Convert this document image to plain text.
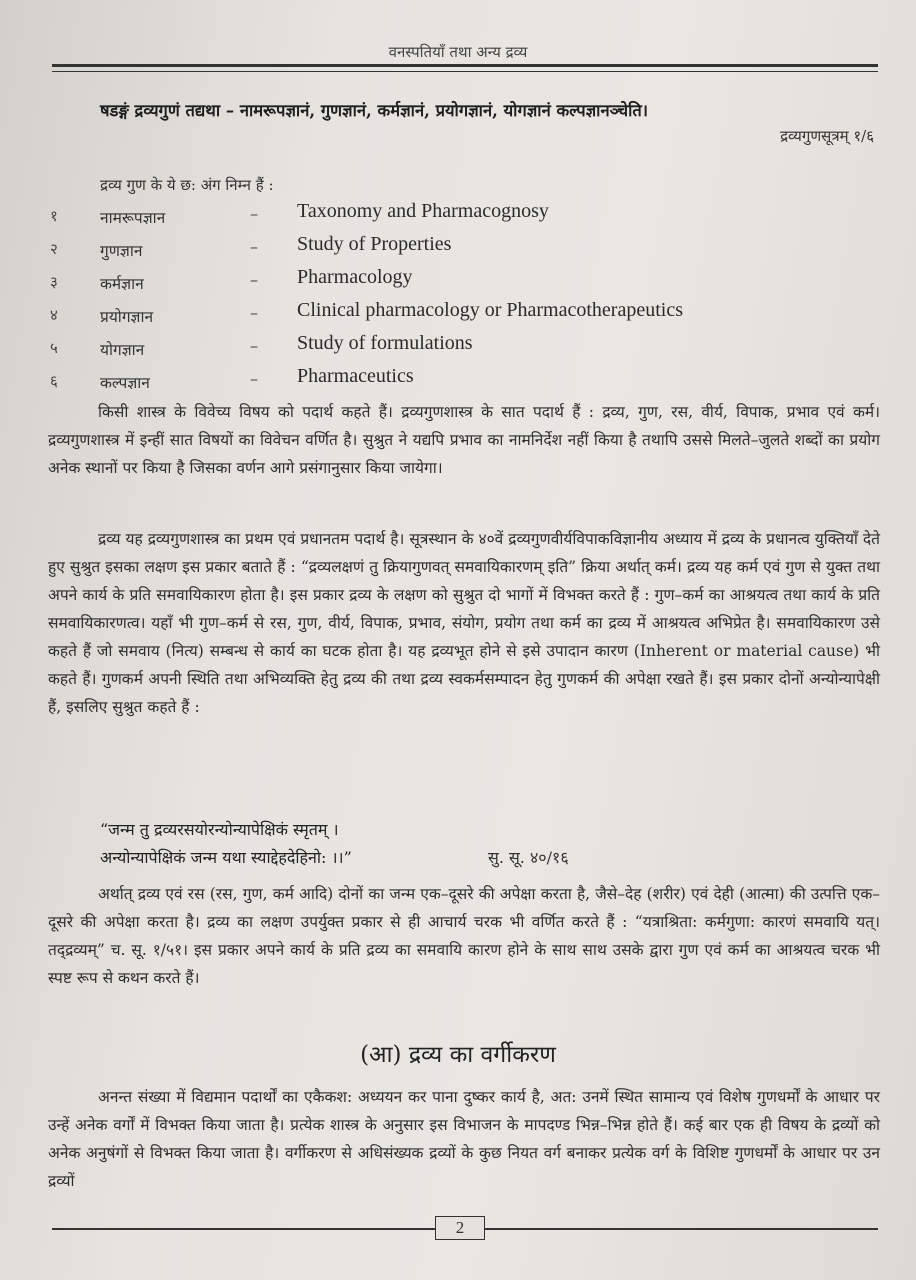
वनस्पतियाँ तथा अन्य द्रव्य
षडङ्गं द्रव्यगुणं तद्यथा – नामरूपज्ञानं, गुणज्ञानं, कर्मज्ञानं, प्रयोगज्ञानं, योगज्ञानं कल्पज्ञानञ्चेति।
द्रव्यगुणसूत्रम् १/६
द्रव्य गुण के ये छ: अंग निम्न हैं :
१	नामरूपज्ञान	– Taxonomy and Pharmacognosy
२	गुणज्ञान	– Study of Properties
३	कर्मज्ञान	– Pharmacology
४	प्रयोगज्ञान	– Clinical pharmacology or Pharmacotherapeutics
५	योगज्ञान	– Study of formulations
६	कल्पज्ञान	– Pharmaceutics

किसी शास्त्र के विवेच्य विषय को पदार्थ कहते हैं। द्रव्यगुणशास्त्र के सात पदार्थ हैं : द्रव्य, गुण, रस, वीर्य, विपाक, प्रभाव एवं कर्म। द्रव्यगुणशास्त्र में इन्हीं सात विषयों का विवेचन वर्णित है। सुश्रुत ने यद्यपि प्रभाव का नामनिर्देश नहीं किया है तथापि उससे मिलते–जुलते शब्दों का प्रयोग अनेक स्थानों पर किया है जिसका वर्णन आगे प्रसंगानुसार किया जायेगा।

द्रव्य यह द्रव्यगुणशास्त्र का प्रथम एवं प्रधानतम पदार्थ है। सूत्रस्थान के ४०वें द्रव्यगुणवीर्यविपाकविज्ञानीय अध्याय में द्रव्य के प्रधानत्व युक्तियाँ देते हुए सुश्रुत इसका लक्षण इस प्रकार बताते हैं : “द्रव्यलक्षणं तु क्रियागुणवत् समवायिकारणम् इति” क्रिया अर्थात् कर्म। द्रव्य यह कर्म एवं गुण से युक्त तथा अपने कार्य के प्रति समवायिकारण होता है। इस प्रकार द्रव्य के लक्षण को सुश्रुत दो भागों में विभक्त करते हैं : गुण–कर्म का आश्रयत्व तथा कार्य के प्रति समवायिकारणत्व। यहाँ भी गुण–कर्म से रस, गुण, वीर्य, विपाक, प्रभाव, संयोग, प्रयोग तथा कर्म का द्रव्य में आश्रयत्व अभिप्रेत है। समवायिकारण उसे कहते हैं जो समवाय (नित्य) सम्बन्ध से कार्य का घटक होता है। यह द्रव्यभूत होने से इसे उपादान कारण (Inherent or material cause) भी कहते हैं। गुणकर्म अपनी स्थिति तथा अभिव्यक्ति हेतु द्रव्य की तथा द्रव्य स्वकर्मसम्पादन हेतु गुणकर्म की अपेक्षा रखते हैं। इस प्रकार दोनों अन्योन्यापेक्षी हैं, इसलिए सुश्रुत कहते हैं :

“जन्म तु द्रव्यरसयोरन्योन्यापेक्षिकं स्मृतम् ।
अन्योन्यापेक्षिकं जन्म यथा स्याद्देहदेहिनो: ।।”	सु. सू. ४०/१६

अर्थात् द्रव्य एवं रस (रस, गुण, कर्म आदि) दोनों का जन्म एक–दूसरे की अपेक्षा करता है, जैसे–देह (शरीर) एवं देही (आत्मा) की उत्पत्ति एक–दूसरे की अपेक्षा करता है। द्रव्य का लक्षण उपर्युक्त प्रकार से ही आचार्य चरक भी वर्णित करते हैं : “यत्राश्रिता: कर्मगुणा: कारणं समवायि यत्। तद्द्रव्यम्” च. सू. १/५१। इस प्रकार अपने कार्य के प्रति द्रव्य का समवायि कारण होने के साथ साथ उसके द्वारा गुण एवं कर्म का आश्रयत्व चरक भी स्पष्ट रूप से कथन करते हैं।

(आ) द्रव्य का वर्गीकरण

अनन्त संख्या में विद्यमान पदार्थों का एकैकश: अध्ययन कर पाना दुष्कर कार्य है, अत: उनमें स्थित सामान्य एवं विशेष गुणधर्मों के आधार पर उन्हें अनेक वर्गों में विभक्त किया जाता है। प्रत्येक शास्त्र के अनुसार इस विभाजन के मापदण्ड भिन्न–भिन्न होते हैं। कई बार एक ही विषय के द्रव्यों को अनेक अनुषंगों से विभक्त किया जाता है। वर्गीकरण से अधिसंख्यक द्रव्यों के कुछ नियत वर्ग बनाकर प्रत्येक वर्ग के विशिष्ट गुणधर्मों के आधार पर उन द्रव्यों

2
